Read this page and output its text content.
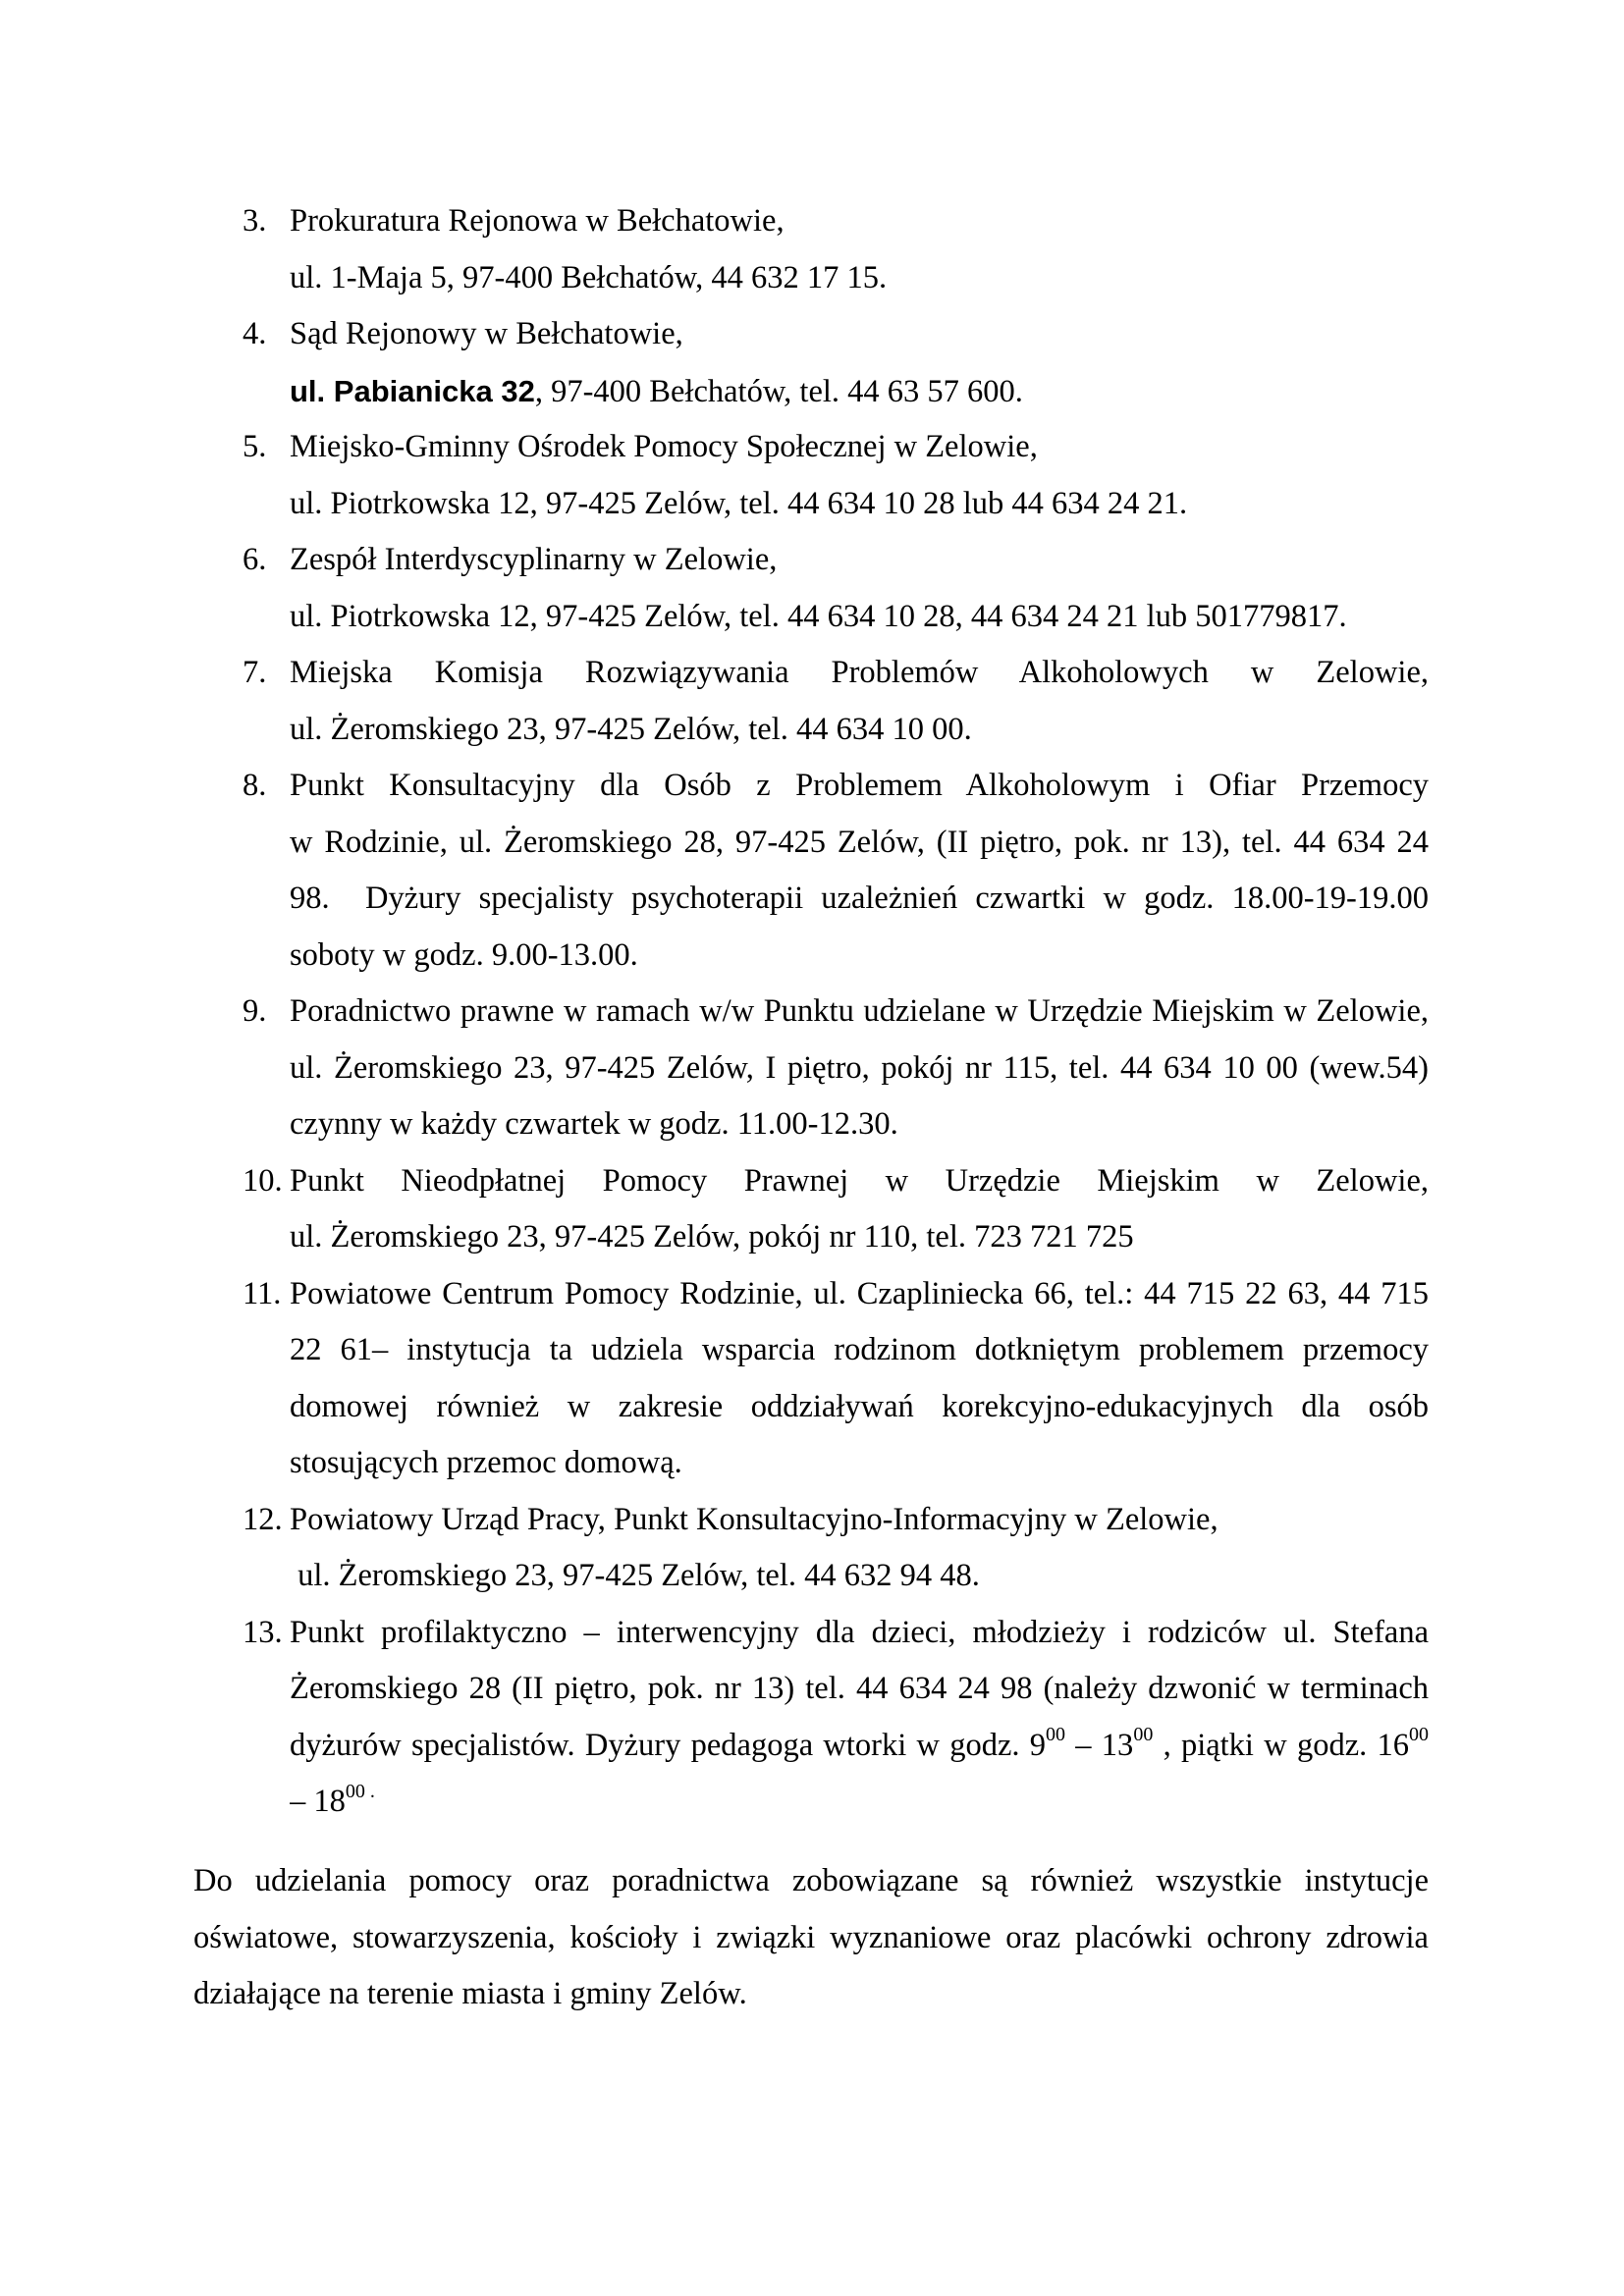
3. Prokuratura Rejonowa w Bełchatowie,
ul. 1-Maja 5, 97-400 Bełchatów, 44 632 17 15.
4. Sąd Rejonowy w Bełchatowie,
ul. Pabianicka 32, 97-400 Bełchatów, tel. 44 63 57 600.
5. Miejsko-Gminny Ośrodek Pomocy Społecznej w Zelowie,
ul. Piotrkowska 12, 97-425 Zelów, tel. 44 634 10 28 lub 44 634 24 21.
6. Zespół Interdyscyplinarny w Zelowie,
ul. Piotrkowska 12, 97-425 Zelów, tel. 44 634 10 28, 44 634 24 21 lub 501779817.
7. Miejska Komisja Rozwiązywania Problemów Alkoholowych w Zelowie,
ul. Żeromskiego 23, 97-425 Zelów, tel. 44 634 10 00.
8. Punkt Konsultacyjny dla Osób z Problemem Alkoholowym i Ofiar Przemocy
w Rodzinie, ul. Żeromskiego 28, 97-425 Zelów, (II piętro, pok. nr 13), tel. 44 634 24
98.  Dyżury specjalisty psychoterapii uzależnień czwartki w godz. 18.00-19-19.00
soboty w godz. 9.00-13.00.
9. Poradnictwo prawne w ramach w/w Punktu udzielane w Urzędzie Miejskim w Zelowie,
ul. Żeromskiego 23, 97-425 Zelów, I piętro, pokój nr 115, tel. 44 634 10 00 (wew.54)
czynny w każdy czwartek w godz. 11.00-12.30.
10. Punkt Nieodpłatnej Pomocy Prawnej w Urzędzie Miejskim w Zelowie,
ul. Żeromskiego 23, 97-425 Zelów, pokój nr 110, tel. 723 721 725
11. Powiatowe Centrum Pomocy Rodzinie, ul. Czapliniecka 66, tel.: 44 715 22 63, 44 715
22 61– instytucja ta udziela wsparcia rodzinom dotkniętym problemem przemocy
domowej również w zakresie oddziaływań korekcyjno-edukacyjnych dla osób
stosujących przemoc domową.
12. Powiatowy Urząd Pracy, Punkt Konsultacyjno-Informacyjny w Zelowie,
ul. Żeromskiego 23, 97-425 Zelów, tel. 44 632 94 48.
13. Punkt profilaktyczno – interwencyjny dla dzieci, młodzieży i rodziców ul. Stefana
Żeromskiego 28 (II piętro, pok. nr 13) tel. 44 634 24 98 (należy dzwonić w terminach
dyżurów specjalistów. Dyżury pedagoga wtorki w godz. $9^{00} - 13^{00}$ , piątki w godz. $16^{00}$
– $18^{00 .}$
Do udzielania pomocy oraz poradnictwa zobowiązane są również wszystkie instytucje
oświatowe, stowarzyszenia, kościoły i związki wyznaniowe oraz placówki ochrony zdrowia
działające na terenie miasta i gminy Zelów.
